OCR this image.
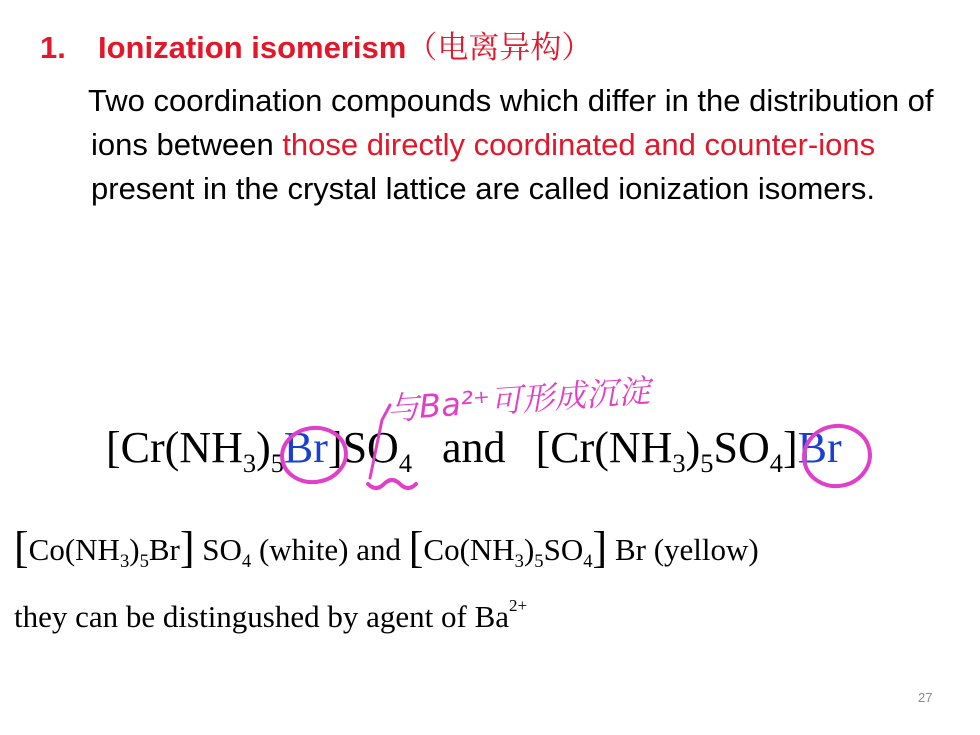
1. Ionization isomerism（电离异构）
Two coordination compounds which differ in the distribution of ions between those directly coordinated and counter-ions present in the crystal lattice are called ionization isomers.
$[Cr(NH_3)_5Br]SO_4$ and $[Cr(NH_3)_5SO_4]Br$
$[Co(NH_3)_5Br]$ $SO_4$ (white) and $[Co(NH_3)_5SO_4]$ Br (yellow)
they can be distingushed by agent of $Ba^{2+}$
与Ba²⁺可形成沉淀
27
